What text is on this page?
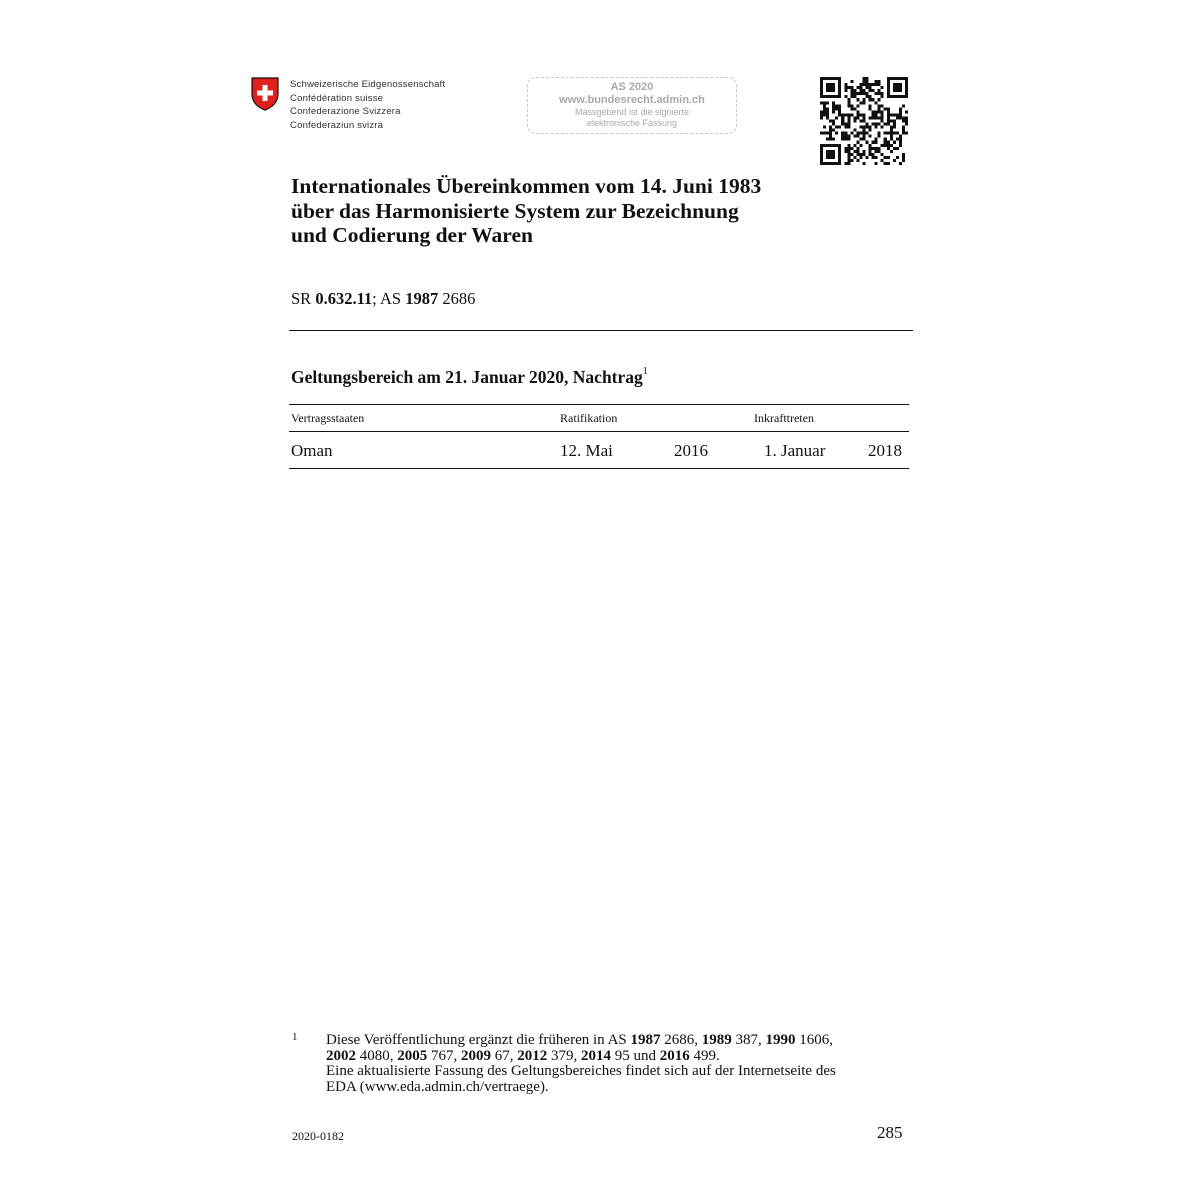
Schweizerische Eidgenossenschaft
Confédération suisse
Confederazione Svizzera
Confederaziun svizra
AS 2020
www.bundesrecht.admin.ch
Massgebend ist die signierte
elektronische Fassung
Internationales Übereinkommen vom 14. Juni 1983
über das Harmonisierte System zur Bezeichnung
und Codierung der Waren
SR 0.632.11; AS 1987 2686
Geltungsbereich am 21. Januar 2020, Nachtrag$^1$
Vertragsstaaten	Ratifikation	Inkrafttreten
Oman	12. Mai	2016	1. Januar	2018
1 Diese Veröffentlichung ergänzt die früheren in AS 1987 2686, 1989 387, 1990 1606,
2002 4080, 2005 767, 2009 67, 2012 379, 2014 95 und 2016 499.
Eine aktualisierte Fassung des Geltungsbereiches findet sich auf der Internetseite des
EDA (www.eda.admin.ch/vertraege).
2020-0182	285
